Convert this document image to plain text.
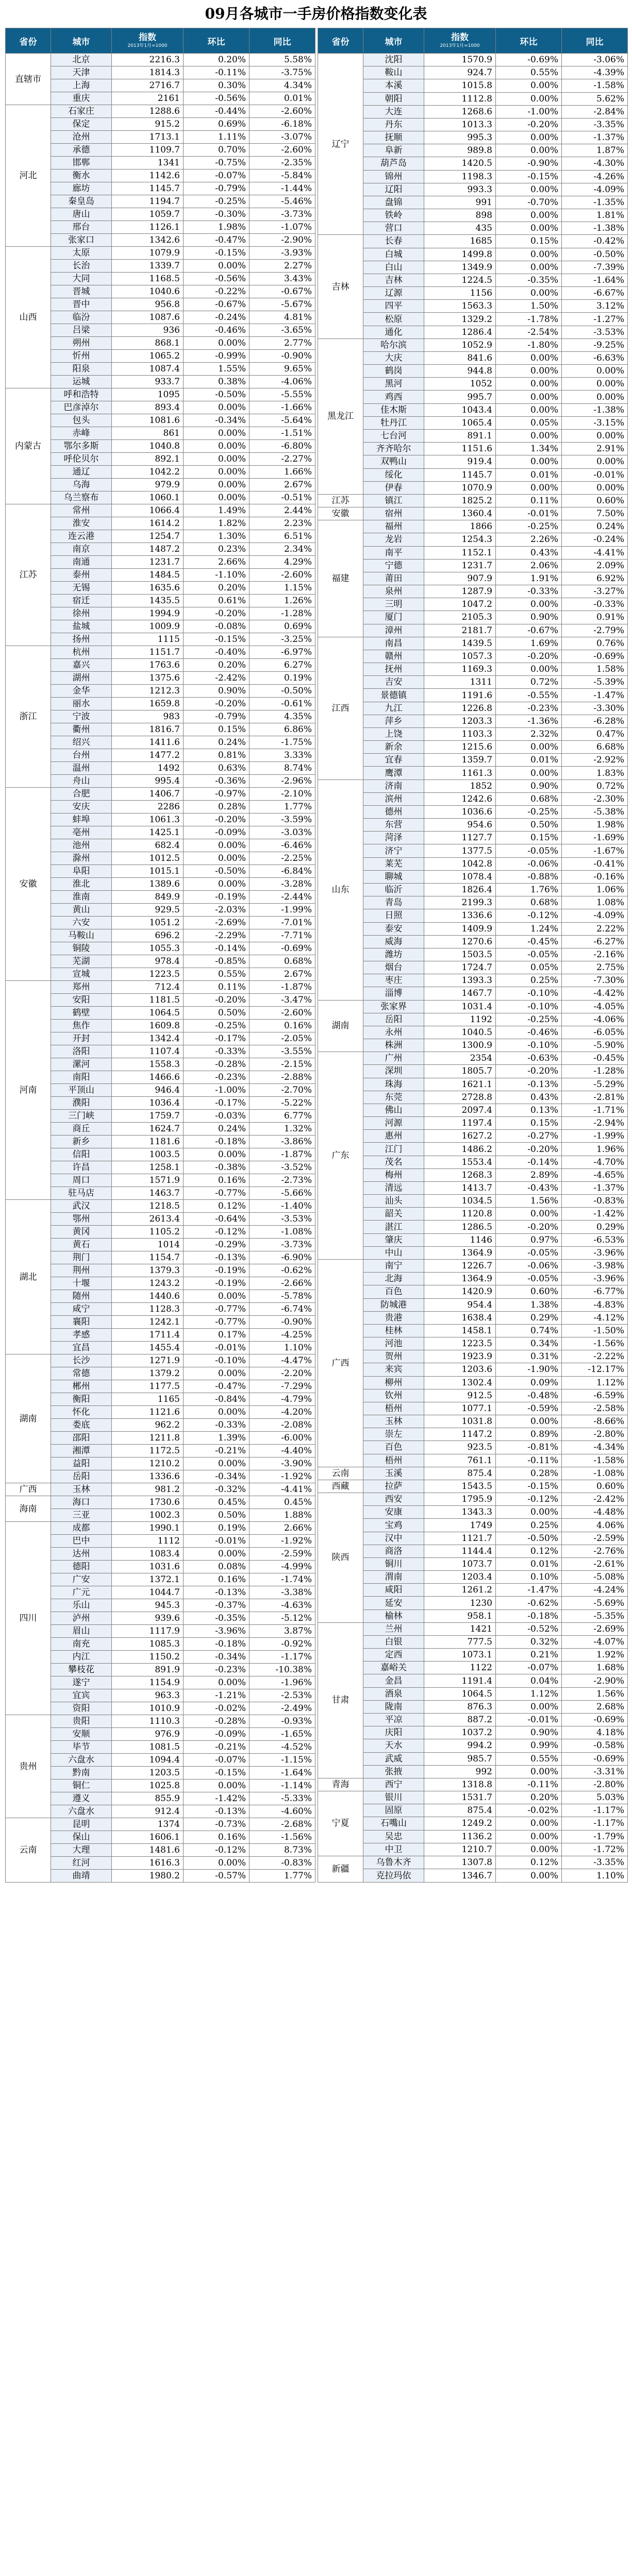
09月各城市一手房价格指数变化表
省份	城市	指数
2013年1月=1000	环比	同比
直辖市	北京	2216.3	0.20%	5.58%
	天津	1814.3	-0.11%	-3.75%
	上海	2716.7	0.30%	4.34%
	重庆	2161	-0.56%	0.01%
河北	石家庄	1288.6	-0.44%	-2.60%
	保定	915.2	0.69%	-6.18%
	沧州	1713.1	1.11%	-3.07%
	承德	1109.7	0.70%	-2.60%
	邯郸	1341	-0.75%	-2.35%
	衡水	1142.6	-0.07%	-5.84%
	廊坊	1145.7	-0.79%	-1.44%
	秦皇岛	1194.7	-0.25%	-5.46%
	唐山	1059.7	-0.30%	-3.73%
	邢台	1126.1	1.98%	-1.07%
	张家口	1342.6	-0.47%	-2.90%
山西	太原	1079.9	-0.15%	-3.93%
	长治	1339.7	0.00%	2.27%
	大同	1168.5	-0.56%	3.43%
	晋城	1040.6	-0.22%	-0.67%
	晋中	956.8	-0.67%	-5.67%
	临汾	1087.6	-0.24%	4.81%
	吕梁	936	-0.46%	-3.65%
	朔州	868.1	0.00%	2.77%
	忻州	1065.2	-0.99%	-0.90%
	阳泉	1087.4	1.55%	9.65%
	运城	933.7	0.38%	-4.06%
内蒙古	呼和浩特	1095	-0.50%	-5.55%
	巴彦淖尔	893.4	0.00%	-1.66%
	包头	1081.6	-0.34%	-5.64%
	赤峰	861	0.00%	-1.51%
	鄂尔多斯	1040.8	0.00%	-6.80%
	呼伦贝尔	892.1	0.00%	-2.27%
	通辽	1042.2	0.00%	1.66%
	乌海	979.9	0.00%	2.67%
	乌兰察布	1060.1	0.00%	-0.51%
江苏	常州	1066.4	1.49%	2.44%
	淮安	1614.2	1.82%	2.23%
	连云港	1254.7	1.30%	6.51%
	南京	1487.2	0.23%	2.34%
	南通	1231.7	2.66%	4.29%
	泰州	1484.5	-1.10%	-2.60%
	无锡	1635.6	0.20%	1.15%
	宿迁	1435.5	0.61%	1.26%
	徐州	1994.9	-0.20%	-1.28%
	盐城	1009.9	-0.08%	0.69%
	扬州	1115	-0.15%	-3.25%
浙江	杭州	1151.7	-0.40%	-6.97%
	嘉兴	1763.6	0.20%	6.27%
	湖州	1375.6	-2.42%	0.19%
	金华	1212.3	0.90%	-0.50%
	丽水	1659.8	-0.20%	-0.61%
	宁波	983	-0.79%	4.35%
	衢州	1816.7	0.15%	6.86%
	绍兴	1411.6	0.24%	-1.75%
	台州	1477.2	0.81%	3.33%
	温州	1492	0.63%	8.74%
	舟山	995.4	-0.36%	-2.96%
安徽	合肥	1406.7	-0.97%	-2.10%
	安庆	2286	0.28%	1.77%
	蚌埠	1061.3	-0.20%	-3.59%
	亳州	1425.1	-0.09%	-3.03%
	池州	682.4	0.00%	-6.46%
	滁州	1012.5	0.00%	-2.25%
	阜阳	1015.1	-0.50%	-6.84%
	淮北	1389.6	0.00%	-3.28%
	淮南	849.9	-0.19%	-2.44%
	黄山	929.5	-2.03%	-1.99%
	六安	1051.2	-2.69%	-7.01%
	马鞍山	696.2	-2.29%	-7.71%
	铜陵	1055.3	-0.14%	-0.69%
	芜湖	978.4	-0.85%	0.68%
	宣城	1223.5	0.55%	2.67%
河南	郑州	712.4	0.11%	-1.87%
	安阳	1181.5	-0.20%	-3.47%
	鹤壁	1064.5	0.50%	-2.60%
	焦作	1609.8	-0.25%	0.16%
	开封	1342.4	-0.17%	-2.05%
	洛阳	1107.4	-0.33%	-3.55%
	漯河	1558.3	-0.28%	-2.15%
	南阳	1466.6	-0.23%	-2.88%
	平顶山	946.4	-1.00%	-2.70%
	濮阳	1036.4	-0.17%	-5.22%
	三门峡	1759.7	-0.03%	6.77%
	商丘	1624.7	0.24%	1.32%
	新乡	1181.6	-0.18%	-3.86%
	信阳	1003.5	0.00%	-1.87%
	许昌	1258.1	-0.38%	-3.52%
	周口	1571.9	0.16%	-2.73%
	驻马店	1463.7	-0.77%	-5.66%
湖北	武汉	1218.5	0.12%	-1.40%
	鄂州	2613.4	-0.64%	-3.53%
	黄冈	1105.2	-0.12%	-1.08%
	黄石	1014	-0.29%	-3.73%
	荆门	1154.7	-0.13%	-6.90%
	荆州	1379.3	-0.19%	-0.62%
	十堰	1243.2	-0.19%	-2.66%
	随州	1440.6	0.00%	-5.78%
	咸宁	1128.3	-0.77%	-6.74%
	襄阳	1242.1	-0.77%	-0.90%
	孝感	1711.4	0.17%	-4.25%
	宜昌	1455.4	-0.01%	1.10%
湖南	长沙	1271.9	-0.10%	-4.47%
	常德	1379.2	0.00%	-2.20%
	郴州	1177.5	-0.47%	-7.29%
	衡阳	1165	-0.84%	-4.79%
	怀化	1121.6	0.00%	-4.20%
	娄底	962.2	-0.33%	-2.08%
	邵阳	1211.8	1.39%	-6.00%
	湘潭	1172.5	-0.21%	-4.40%
	益阳	1210.2	0.00%	-3.90%
	岳阳	1336.6	-0.34%	-1.92%
广西	玉林	981.2	-0.32%	-4.41%
海南	海口	1730.6	0.45%	0.45%
	三亚	1002.3	0.50%	1.88%
四川	成都	1990.1	0.19%	2.66%
	巴中	1112	-0.01%	-1.92%
	达州	1083.4	0.00%	-2.59%
	德阳	1031.6	0.08%	-4.99%
	广安	1372.1	0.16%	-1.74%
	广元	1044.7	-0.13%	-3.38%
	乐山	945.3	-0.37%	-4.63%
	泸州	939.6	-0.35%	-5.12%
	眉山	1117.9	-3.96%	3.87%
	南充	1085.3	-0.18%	-0.92%
	内江	1150.2	-0.34%	-1.17%
	攀枝花	891.9	-0.23%	-10.38%
	遂宁	1154.9	0.00%	-1.96%
	宜宾	963.3	-1.21%	-2.53%
	资阳	1010.9	-0.02%	-2.49%
贵州	贵阳	1110.3	-0.28%	-0.93%
	安顺	976.9	-0.09%	-1.65%
	毕节	1081.5	-0.21%	-4.52%
	六盘水	1094.4	-0.07%	-1.15%
	黔南	1203.5	-0.15%	-1.64%
	铜仁	1025.8	0.00%	-1.14%
	遵义	855.9	-1.42%	-5.33%
	六盘水	912.4	-0.13%	-4.60%
云南	昆明	1374	-0.73%	-2.68%
	保山	1606.1	0.16%	-1.56%
	大理	1481.6	-0.12%	8.73%
	红河	1616.3	0.00%	-0.83%
	曲靖	1980.2	-0.57%	1.77%
省份	城市	指数
2013年1月=1000	环比	同比
辽宁	沈阳	1570.9	-0.69%	-3.06%
	鞍山	924.7	0.55%	-4.39%
	本溪	1015.8	0.00%	-1.58%
	朝阳	1112.8	0.00%	5.62%
	大连	1268.6	-1.00%	-2.84%
	丹东	1013.3	-0.20%	-3.35%
	抚顺	995.3	0.00%	-1.37%
	阜新	989.8	0.00%	1.87%
	葫芦岛	1420.5	-0.90%	-4.30%
	锦州	1198.3	-0.15%	-4.26%
	辽阳	993.3	0.00%	-4.09%
	盘锦	991	-0.70%	-1.35%
	铁岭	898	0.00%	1.81%
	营口	435	0.00%	-1.38%
吉林	长春	1685	0.15%	-0.42%
	白城	1499.8	0.00%	-0.50%
	白山	1349.9	0.00%	-7.39%
	吉林	1224.5	-0.35%	-1.64%
	辽源	1156	0.00%	-6.67%
	四平	1563.3	1.50%	3.12%
	松原	1329.2	-1.78%	-1.27%
	通化	1286.4	-2.54%	-3.53%
黑龙江	哈尔滨	1052.9	-1.80%	-9.25%
	大庆	841.6	0.00%	-6.63%
	鹤岗	944.8	0.00%	0.00%
	黑河	1052	0.00%	0.00%
	鸡西	995.7	0.00%	0.00%
	佳木斯	1043.4	0.00%	-1.38%
	牡丹江	1065.4	0.05%	-3.15%
	七台河	891.1	0.00%	0.00%
	齐齐哈尔	1151.6	1.34%	2.91%
	双鸭山	919.4	0.00%	0.00%
	绥化	1145.7	0.01%	-0.01%
	伊春	1070.9	0.00%	0.00%
江苏	镇江	1825.2	0.11%	0.60%
安徽	宿州	1360.4	-0.01%	7.50%
福建	福州	1866	-0.25%	0.24%
	龙岩	1254.3	2.26%	-0.24%
	南平	1152.1	0.43%	-4.41%
	宁德	1231.7	2.06%	2.09%
	莆田	907.9	1.91%	6.92%
	泉州	1287.9	-0.33%	-3.27%
	三明	1047.2	0.00%	-0.33%
	厦门	2105.3	0.90%	0.91%
	漳州	2181.7	-0.67%	-2.79%
江西	南昌	1439.5	1.69%	0.76%
	赣州	1057.3	-0.20%	-0.69%
	抚州	1169.3	0.00%	1.58%
	吉安	1311	0.72%	-5.39%
	景德镇	1191.6	-0.55%	-1.47%
	九江	1226.8	-0.23%	-3.30%
	萍乡	1203.3	-1.36%	-6.28%
	上饶	1103.3	2.32%	0.47%
	新余	1215.6	0.00%	6.68%
	宜春	1359.7	0.01%	-2.92%
	鹰潭	1161.3	0.00%	1.83%
山东	济南	1852	0.90%	0.72%
	滨州	1242.6	0.68%	-2.30%
	德州	1036.6	-0.25%	-5.38%
	东营	954.6	0.50%	1.98%
	菏泽	1127.7	0.15%	-1.69%
	济宁	1377.5	-0.05%	-1.67%
	莱芜	1042.8	-0.06%	-0.41%
	聊城	1078.4	-0.88%	-0.16%
	临沂	1826.4	1.76%	1.06%
	青岛	2199.3	0.68%	1.08%
	日照	1336.6	-0.12%	-4.09%
	泰安	1409.9	1.24%	2.22%
	威海	1270.6	-0.45%	-6.27%
	潍坊	1503.5	-0.05%	-2.16%
	烟台	1724.7	0.05%	2.75%
	枣庄	1393.3	0.25%	-7.30%
	淄博	1467.7	-0.10%	-4.42%
湖南	张家界	1031.4	-0.10%	-4.05%
	岳阳	1192	-0.25%	-4.06%
	永州	1040.5	-0.46%	-6.05%
	株洲	1300.9	-0.10%	-5.90%
广东	广州	2354	-0.63%	-0.45%
	深圳	1805.7	-0.20%	-1.28%
	珠海	1621.1	-0.13%	-5.29%
	东莞	2728.8	0.43%	-2.81%
	佛山	2097.4	0.13%	-1.71%
	河源	1197.4	0.15%	-2.94%
	惠州	1627.2	-0.27%	-1.99%
	江门	1486.2	-0.20%	1.96%
	茂名	1553.4	-0.14%	-4.70%
	梅州	1268.3	2.89%	-4.65%
	清远	1413.7	-0.43%	-1.37%
	汕头	1034.5	1.56%	-0.83%
	韶关	1120.8	0.00%	-1.42%
	湛江	1286.5	-0.20%	0.29%
	肇庆	1146	0.97%	-6.53%
	中山	1364.9	-0.05%	-3.96%
广西	南宁	1226.7	-0.06%	-3.98%
	北海	1364.9	-0.05%	-3.96%
	百色	1420.9	0.60%	-6.77%
	防城港	954.4	1.38%	-4.83%
	贵港	1638.4	0.29%	-4.12%
	桂林	1458.1	0.74%	-1.50%
	河池	1223.5	0.34%	-1.56%
	贺州	1923.9	0.31%	-2.22%
	来宾	1203.6	-1.90%	-12.17%
	柳州	1302.4	0.09%	1.12%
	钦州	912.5	-0.48%	-6.59%
	梧州	1077.1	-0.59%	-2.58%
	玉林	1031.8	0.00%	-8.66%
	崇左	1147.2	0.89%	-2.80%
	百色	923.5	-0.81%	-4.34%
	梧州	761.1	-0.11%	-1.58%
云南	玉溪	875.4	0.28%	-1.08%
西藏	拉萨	1543.5	-0.15%	0.60%
陕西	西安	1795.9	-0.12%	-2.42%
	安康	1343.3	0.00%	-4.48%
	宝鸡	1749	0.25%	4.06%
	汉中	1121.7	-0.50%	-2.59%
	商洛	1144.4	0.12%	-2.76%
	铜川	1073.7	0.01%	-2.61%
	渭南	1203.4	0.10%	-5.08%
	咸阳	1261.2	-1.47%	-4.24%
	延安	1230	-0.62%	-5.69%
	榆林	958.1	-0.18%	-5.35%
甘肃	兰州	1421	-0.52%	-2.69%
	白银	777.5	0.32%	-4.07%
	定西	1073.1	0.21%	1.92%
	嘉峪关	1122	-0.07%	1.68%
	金昌	1191.4	0.04%	-2.90%
	酒泉	1064.5	1.12%	1.56%
	陇南	876.3	0.00%	2.68%
	平凉	887.2	-0.01%	-0.69%
	庆阳	1037.2	0.90%	4.18%
	天水	994.2	0.99%	-0.58%
	武威	985.7	0.55%	-0.69%
	张掖	992	0.00%	-3.31%
青海	西宁	1318.8	-0.11%	-2.80%
宁夏	银川	1531.7	0.20%	5.03%
	固原	875.4	-0.02%	-1.17%
	石嘴山	1249.2	0.00%	-1.17%
	吴忠	1136.2	0.00%	-1.79%
	中卫	1210.7	0.00%	-1.72%
新疆	乌鲁木齐	1307.8	0.12%	-3.35%
	克拉玛依	1346.7	0.00%	1.10%
